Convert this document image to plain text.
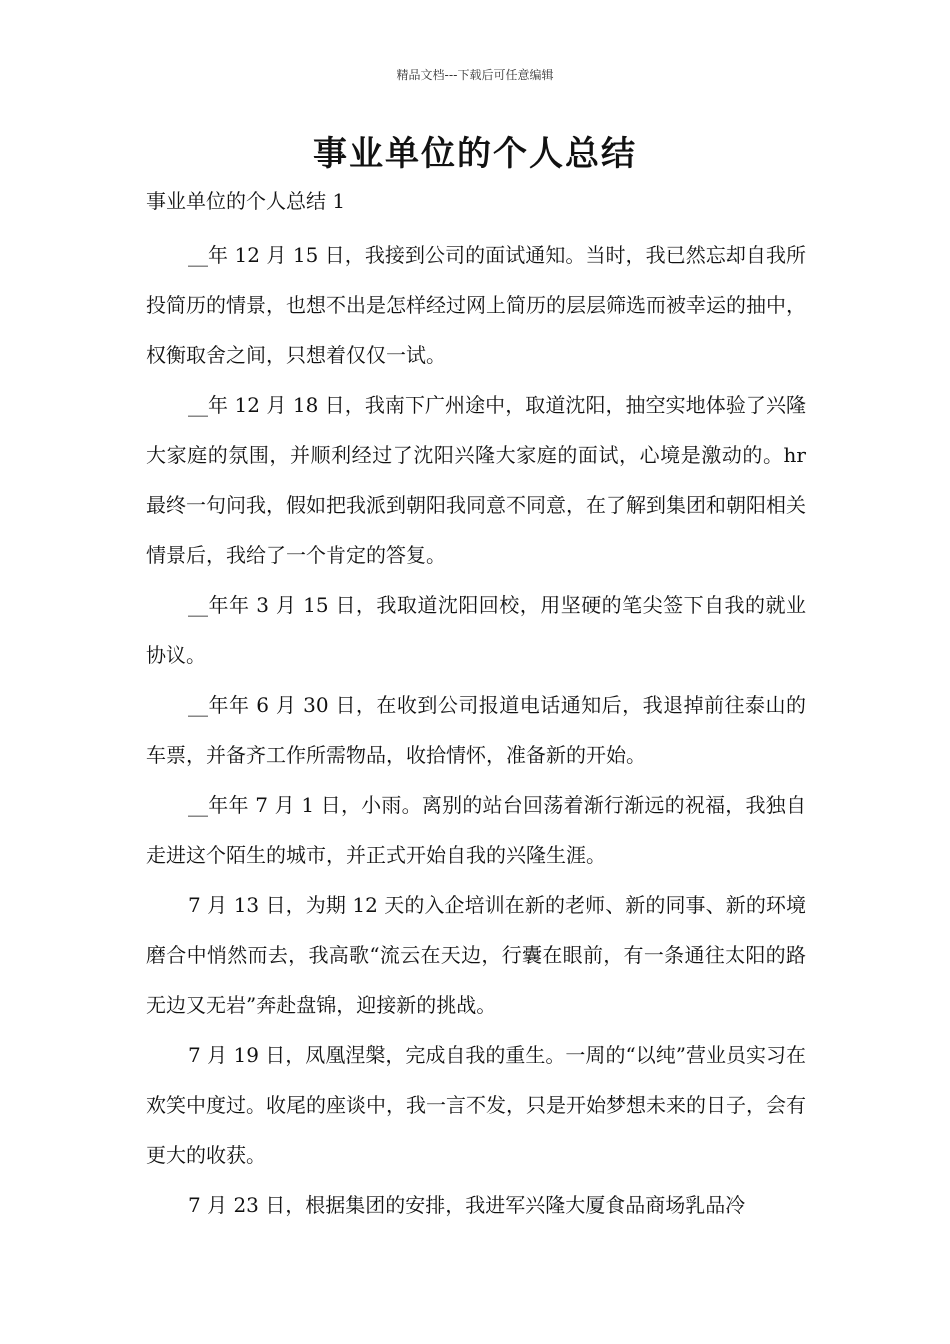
精品文档---下载后可任意编辑
事业单位的个人总结
事业单位的个人总结 1

__年 12 月 15 日，我接到公司的面试通知。当时，我已然忘却自我所投简历的情景，也想不出是怎样经过网上简历的层层筛选而被幸运的抽中，权衡取舍之间，只想着仅仅一试。

__年 12 月 18 日，我南下广州途中，取道沈阳，抽空实地体验了兴隆大家庭的氛围，并顺利经过了沈阳兴隆大家庭的面试，心境是激动的。hr 最终一句问我，假如把我派到朝阳我同意不同意，在了解到集团和朝阳相关情景后，我给了一个肯定的答复。

__年年 3 月 15 日，我取道沈阳回校，用坚硬的笔尖签下自我的就业协议。

__年年 6 月 30 日，在收到公司报道电话通知后，我退掉前往泰山的车票，并备齐工作所需物品，收拾情怀，准备新的开始。

__年年 7 月 1 日，小雨。离别的站台回荡着渐行渐远的祝福，我独自走进这个陌生的城市，并正式开始自我的兴隆生涯。

7 月 13 日，为期 12 天的入企培训在新的老师、新的同事、新的环境磨合中悄然而去，我高歌“流云在天边，行囊在眼前，有一条通往太阳的路无边又无岩”奔赴盘锦，迎接新的挑战。

7 月 19 日，凤凰涅槃，完成自我的重生。一周的“以纯”营业员实习在欢笑中度过。收尾的座谈中，我一言不发，只是开始梦想未来的日子，会有更大的收获。

7 月 23 日，根据集团的安排，我进军兴隆大厦食品商场乳品冷
